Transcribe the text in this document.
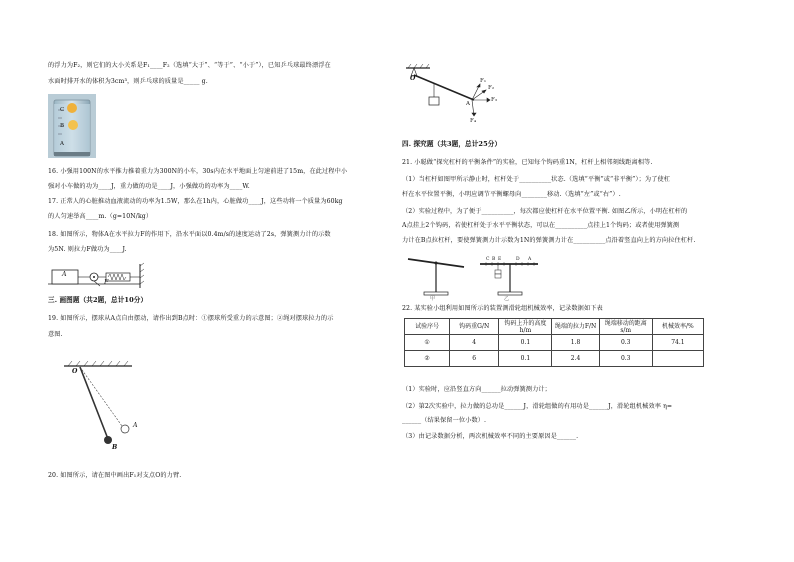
的浮力为F₂，则它们的大小关系是F₁____F₂（选填“大于”、“等于”、“小于”），已知乒乓球最终漂浮在
水面时排开水的体积为3cm³，则乒乓球的质量是_____ g.
C
B
A
16. 小强用100N的水平推力推着重力为300N的小车，30s内在水平地面上匀速前进了15m，在此过程中小
强对小车做的功为____J，重力做的功是____J，小强做功的功率为____W.
17. 正常人的心脏推动血液流动的功率为1.5W，那么在1h内，心脏做功____J，这些功将一个质量为60kg
的人匀速举高____m.（g=10N/kg）
18. 如图所示，物体A在水平拉力F的作用下，沿水平面以0.4m/s的速度运动了2s，弹簧测力计的示数
为5N. 则拉力F做功为____J.
A
F
三. 画图题（共2题，总计10分）
19. 如图所示，摆球从A点自由摆动，请作出到B点时：①摆球所受重力的示意图；②绳对摆球拉力的示
意图.
O
A
B
20. 如图所示，请在图中画出F₁对支点O的力臂.
O	F₁
F₂
F₃
F₄
A
四. 探究题（共3题，总计25分）
21. 小聪做“探究杠杆的平衡条件”的实验，已知每个钩码重1N，杠杆上相邻刻线距离相等.
（1）当杠杆如图甲所示静止时，杠杆处于__________状态.（选填“平衡”或“非平衡”）；为了使杠
杆在水平位置平衡，小明应调节平衡螺母向________移动.（选填“左”或“右”）.
（2）实验过程中，为了便于__________，每次都应使杠杆在水平位置平衡. 如图乙所示，小明在杠杆的
A点挂上2个钩码，若使杠杆处于水平平衡状态，可以在__________点挂上1个钩码；或者使用弹簧测
力计在B点拉杠杆，要使弹簧测力计示数为1N的弹簧测力计在__________点沿着竖直向上的方向拉住杠杆.
甲
C B E	D A
乙
22. 某实验小组利用如图所示的装置测滑轮组机械效率，记录数据如下表
试验序号	钩码重G/N	钩码上升的高度h/m	绳端的拉力F/N	绳端移动的距离s/m	机械效率/%
①	4	0.1	1.8	0.3	74.1
②	6	0.1	2.4	0.3	
（1）实验时，应沿竖直方向______拉动弹簧测力计；
（2）第2次实验中，拉力做的总功是______J，滑轮组做的有用功是______J，滑轮组机械效率 η=
______（结果保留一位小数）.
（3）由记录数据分析，两次机械效率不同的主要原因是______.
